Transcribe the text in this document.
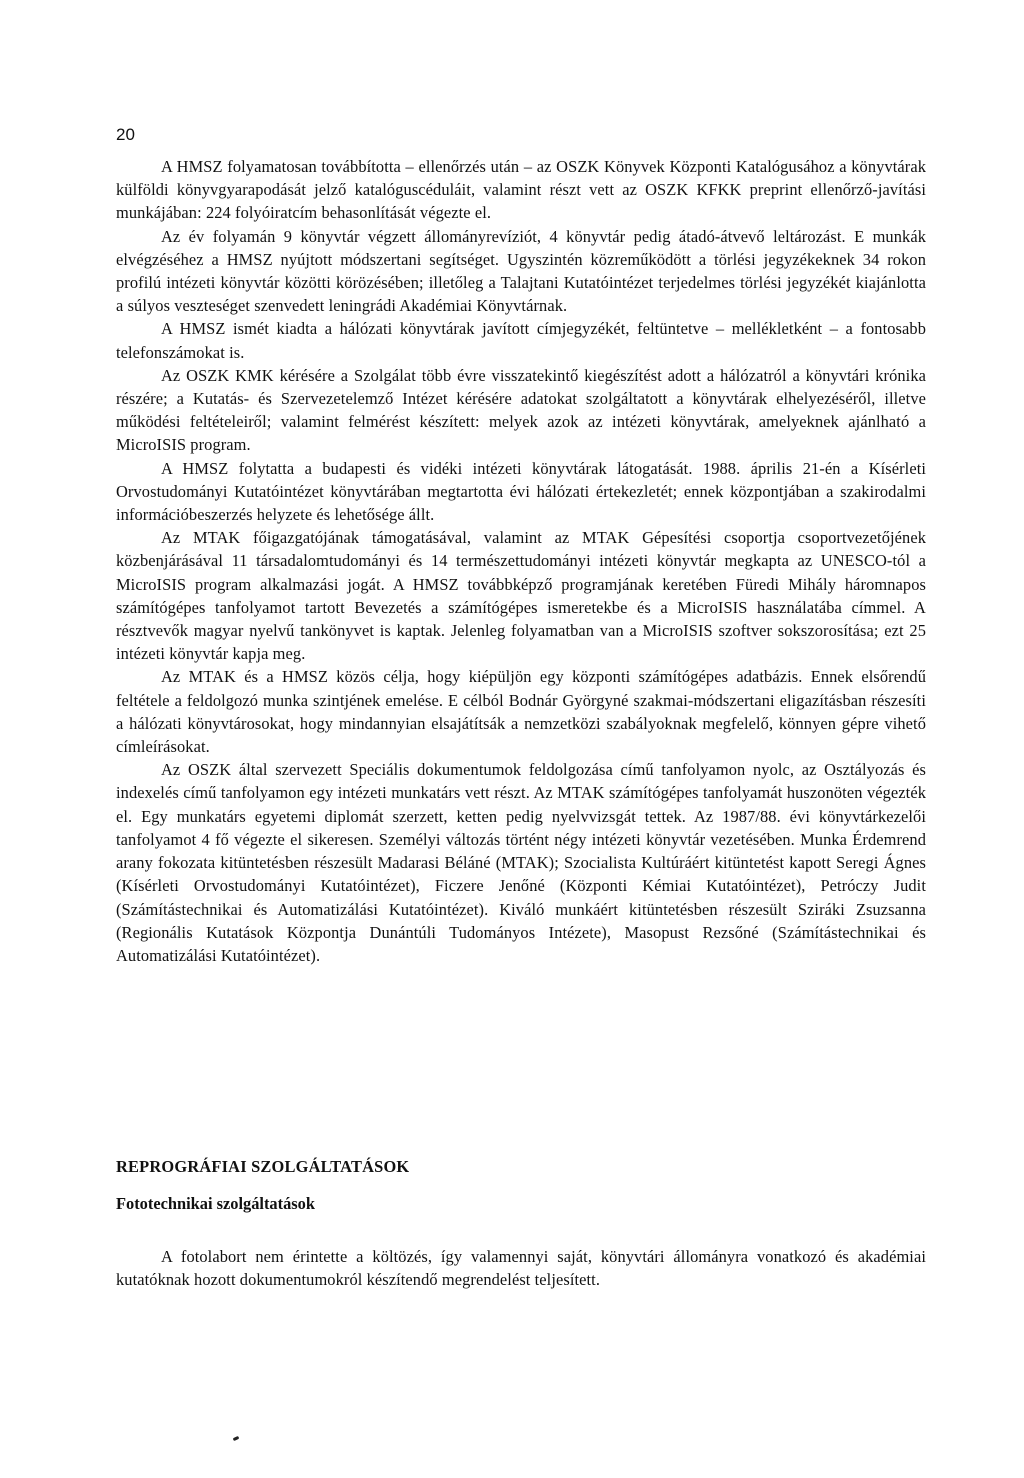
20

A HMSZ folyamatosan továbbította – ellenőrzés után – az OSZK Könyvek Központi Katalógusához a könyvtárak külföldi könyvgyarapodását jelző katalóguscéduláit, valamint részt vett az OSZK KFKK preprint ellenőrző-javítási munkájában: 224 folyóiratcím behasonlítását végezte el.

Az év folyamán 9 könyvtár végzett állományrevíziót, 4 könyvtár pedig átadó-átvevő leltározást. E munkák elvégzéséhez a HMSZ nyújtott módszertani segítséget. Ugyszintén közreműködött a törlési jegyzékeknek 34 rokon profilú intézeti könyvtár közötti körözésében; illetőleg a Talajtani Kutatóintézet terjedelmes törlési jegyzékét kiajánlotta a súlyos veszteséget szenvedett leningrádi Akadémiai Könyvtárnak.

A HMSZ ismét kiadta a hálózati könyvtárak javított címjegyzékét, feltüntetve – mellékletként – a fontosabb telefonszámokat is.

Az OSZK KMK kérésére a Szolgálat több évre visszatekintő kiegészítést adott a hálózatról a könyvtári krónika részére; a Kutatás- és Szervezetelemző Intézet kérésére adatokat szolgáltatott a könyvtárak elhelyezéséről, illetve működési feltételeiről; valamint felmérést készített: melyek azok az intézeti könyvtárak, amelyeknek ajánlható a MicroISIS program.

A HMSZ folytatta a budapesti és vidéki intézeti könyvtárak látogatását. 1988. április 21-én a Kísérleti Orvostudományi Kutatóintézet könyvtárában megtartotta évi hálózati értekezletét; ennek központjában a szakirodalmi információbeszerzés helyzete és lehetősége állt.

Az MTAK főigazgatójának támogatásával, valamint az MTAK Gépesítési csoportja csoportvezetőjének közbenjárásával 11 társadalomtudományi és 14 természettudományi intézeti könyvtár megkapta az UNESCO-tól a MicroISIS program alkalmazási jogát. A HMSZ továbbképző programjának keretében Füredi Mihály háromnapos számítógépes tanfolyamot tartott Bevezetés a számítógépes ismeretekbe és a MicroISIS használatába címmel. A résztvevők magyar nyelvű tankönyvet is kaptak. Jelenleg folyamatban van a MicroISIS szoftver sokszorosítása; ezt 25 intézeti könyvtár kapja meg.

Az MTAK és a HMSZ közös célja, hogy kiépüljön egy központi számítógépes adatbázis. Ennek elsőrendű feltétele a feldolgozó munka szintjének emelése. E célból Bodnár Györgyné szakmai-módszertani eligazításban részesíti a hálózati könyvtárosokat, hogy mindannyian elsajátítsák a nemzetközi szabályoknak megfelelő, könnyen gépre vihető címleírásokat.

Az OSZK által szervezett Speciális dokumentumok feldolgozása című tanfolyamon nyolc, az Osztályozás és indexelés című tanfolyamon egy intézeti munkatárs vett részt. Az MTAK számítógépes tanfolyamát huszonöten végezték el. Egy munkatárs egyetemi diplomát szerzett, ketten pedig nyelvvizsgát tettek. Az 1987/88. évi könyvtárkezelői tanfolyamot 4 fő végezte el sikeresen. Személyi változás történt négy intézeti könyvtár vezetésében. Munka Érdemrend arany fokozata kitüntetésben részesült Madarasi Béláné (MTAK); Szocialista Kultúráért kitüntetést kapott Seregi Ágnes (Kísérleti Orvostudományi Kutatóintézet), Ficzere Jenőné (Központi Kémiai Kutatóintézet), Petróczy Judit (Számítástechnikai és Automatizálási Kutatóintézet). Kiváló munkáért kitüntetésben részesült Sziráki Zsuzsanna (Regionális Kutatások Központja Dunántúli Tudományos Intézete), Masopust Rezsőné (Számítástechnikai és Automatizálási Kutatóintézet).

REPROGRÁFIAI SZOLGÁLTATÁSOK
Fototechnikai szolgáltatások

A fotolabort nem érintette a költözés, így valamennyi saját, könyvtári állományra vonatkozó és akadémiai kutatóknak hozott dokumentumokról készítendő megrendelést teljesített.
